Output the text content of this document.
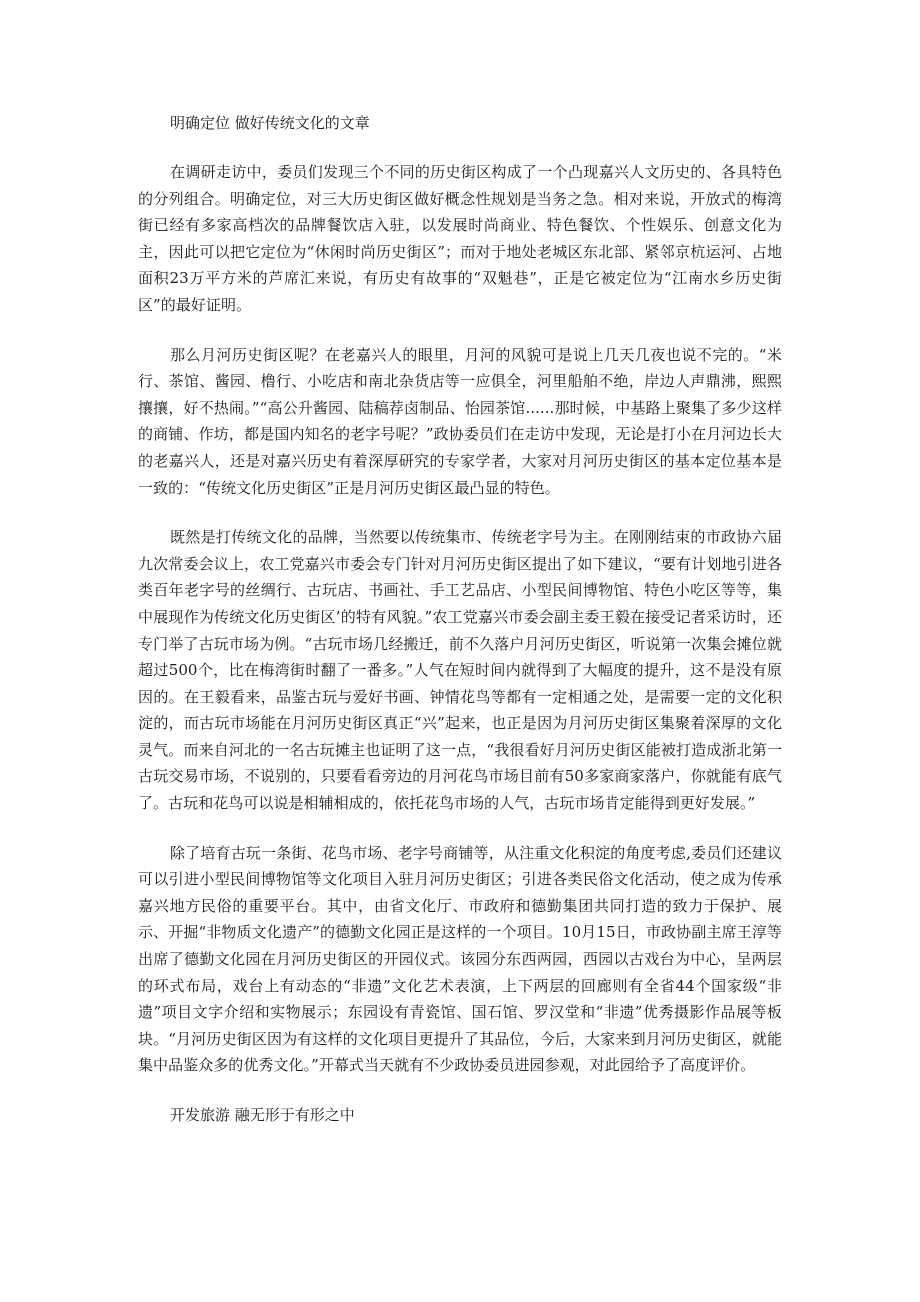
明确定位 做好传统文化的文章

在调研走访中，委员们发现三个不同的历史街区构成了一个凸现嘉兴人文历史的、各具特色的分列组合。明确定位，对三大历史街区做好概念性规划是当务之急。相对来说，开放式的梅湾街已经有多家高档次的品牌餐饮店入驻，以发展时尚商业、特色餐饮、个性娱乐、创意文化为主，因此可以把它定位为“休闲时尚历史街区”；而对于地处老城区东北部、紧邻京杭运河、占地面积23万平方米的芦席汇来说，有历史有故事的“双魁巷”，正是它被定位为“江南水乡历史街区”的最好证明。

那么月河历史街区呢？在老嘉兴人的眼里，月河的风貌可是说上几天几夜也说不完的。“米行、茶馆、酱园、橹行、小吃店和南北杂货店等一应俱全，河里船舶不绝，岸边人声鼎沸，熙熙攘攘，好不热闹。”“高公升酱园、陆稿荐卤制品、怡园茶馆......那时候，中基路上聚集了多少这样的商铺、作坊，都是国内知名的老字号呢？”政协委员们在走访中发现，无论是打小在月河边长大的老嘉兴人，还是对嘉兴历史有着深厚研究的专家学者，大家对月河历史街区的基本定位基本是一致的：“传统文化历史街区”正是月河历史街区最凸显的特色。

既然是打传统文化的品牌，当然要以传统集市、传统老字号为主。在刚刚结束的市政协六届九次常委会议上，农工党嘉兴市委会专门针对月河历史街区提出了如下建议，“要有计划地引进各类百年老字号的丝绸行、古玩店、书画社、手工艺品店、小型民间博物馆、特色小吃区等等，集中展现作为传统文化历史街区’的特有风貌。”农工党嘉兴市委会副主委王毅在接受记者采访时，还专门举了古玩市场为例。“古玩市场几经搬迁，前不久落户月河历史街区，听说第一次集会摊位就超过500个，比在梅湾街时翻了一番多。”人气在短时间内就得到了大幅度的提升，这不是没有原因的。在王毅看来，品鉴古玩与爱好书画、钟情花鸟等都有一定相通之处，是需要一定的文化积淀的，而古玩市场能在月河历史街区真正“兴”起来，也正是因为月河历史街区集聚着深厚的文化灵气。而来自河北的一名古玩摊主也证明了这一点，“我很看好月河历史街区能被打造成浙北第一古玩交易市场，不说别的，只要看看旁边的月河花鸟市场目前有50多家商家落户，你就能有底气了。古玩和花鸟可以说是相辅相成的，依托花鸟市场的人气，古玩市场肯定能得到更好发展。”

除了培育古玩一条街、花鸟市场、老字号商铺等，从注重文化积淀的角度考虑,委员们还建议可以引进小型民间博物馆等文化项目入驻月河历史街区；引进各类民俗文化活动，使之成为传承嘉兴地方民俗的重要平台。其中，由省文化厅、市政府和德勤集团共同打造的致力于保护、展示、开掘“非物质文化遗产”的德勤文化园正是这样的一个项目。10月15日，市政协副主席王淳等出席了德勤文化园在月河历史街区的开园仪式。该园分东西两园，西园以古戏台为中心，呈两层的环式布局，戏台上有动态的“非遗”文化艺术表演，上下两层的回廊则有全省44个国家级“非遗”项目文字介绍和实物展示；东园设有青瓷馆、国石馆、罗汉堂和“非遗”优秀摄影作品展等板块。“月河历史街区因为有这样的文化项目更提升了其品位，今后，大家来到月河历史街区，就能集中品鉴众多的优秀文化。”开幕式当天就有不少政协委员进园参观，对此园给予了高度评价。

开发旅游 融无形于有形之中
